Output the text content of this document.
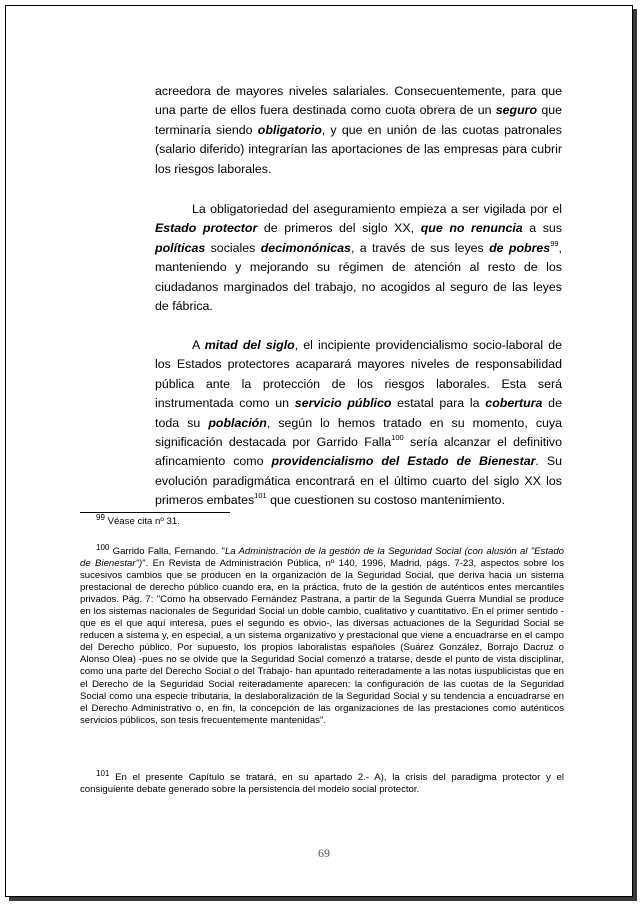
acreedora de mayores niveles salariales. Consecuentemente, para que una parte de ellos fuera destinada como cuota obrera de un seguro que terminaría siendo obligatorio, y que en unión de las cuotas patronales (salario diferido) integrarían las aportaciones de las empresas para cubrir los riesgos laborales.

La obligatoriedad del aseguramiento empieza a ser vigilada por el Estado protector de primeros del siglo XX, que no renuncia a sus políticas sociales decimonónicas, a través de sus leyes de pobres$^{99}$, manteniendo y mejorando su régimen de atención al resto de los ciudadanos marginados del trabajo, no acogidos al seguro de las leyes de fábrica.

A mitad del siglo, el incipiente providencialismo socio-laboral de los Estados protectores acaparará mayores niveles de responsabilidad pública ante la protección de los riesgos laborales. Esta será instrumentada como un servicio público estatal para la cobertura de toda su población, según lo hemos tratado en su momento, cuya significación destacada por Garrido Falla$^{100}$ sería alcanzar el definitivo afincamiento como providencialismo del Estado de Bienestar. Su evolución paradigmática encontrará en el último cuarto del siglo XX los primeros embates$^{101}$ que cuestionen su costoso mantenimiento.

$^{99}$ Véase cita nº 31.

$^{100}$ Garrido Falla, Fernando. "La Administración de la gestión de la Seguridad Social (con alusión al "Estado de Bienestar")". En Revista de Administración Pública, nº 140, 1996, Madrid, págs. 7-23, aspectos sobre los sucesivos cambios que se producen en la organización de la Seguridad Social, que deriva hacia un sistema prestacional de derecho público cuando era, en la práctica, fruto de la gestión de auténticos entes mercantiles privados. Pág. 7: "Como ha observado Fernández Pastrana, a partir de la Segunda Guerra Mundial se produce en los sistemas nacionales de Seguridad Social un doble cambio, cualitativo y cuantitativo. En el primer sentido -que es el que aquí interesa, pues el segundo es obvio-, las diversas actuaciones de la Seguridad Social se reducen a sistema y, en especial, a un sistema organizativo y prestacional que viene a encuadrarse en el campo del Derecho público. Por supuesto, los propios laboralistas españoles (Suárez González, Borrajo Dacruz o Alonso Olea) -pues no se olvide que la Seguridad Social comenzó a tratarse, desde el punto de vista disciplinar, como una parte del Derecho Social o del Trabajo- han apuntado reiteradamente a las notas iuspublicistas que en el Derecho de la Seguridad Social reiteradamente aparecen: la configuración de las cuotas de la Seguridad Social como una especie tributaria, la deslaboralización de la Seguridad Social y su tendencia a encuadrarse en el Derecho Administrativo o, en fin, la concepción de las organizaciones de las prestaciones como auténticos servicios públicos, son tesis frecuentemente mantenidas".

$^{101}$ En el presente Capítulo se tratará, en su apartado 2.- A), la crisis del paradigma protector y el consiguiente debate generado sobre la persistencia del modelo social protector.

69
